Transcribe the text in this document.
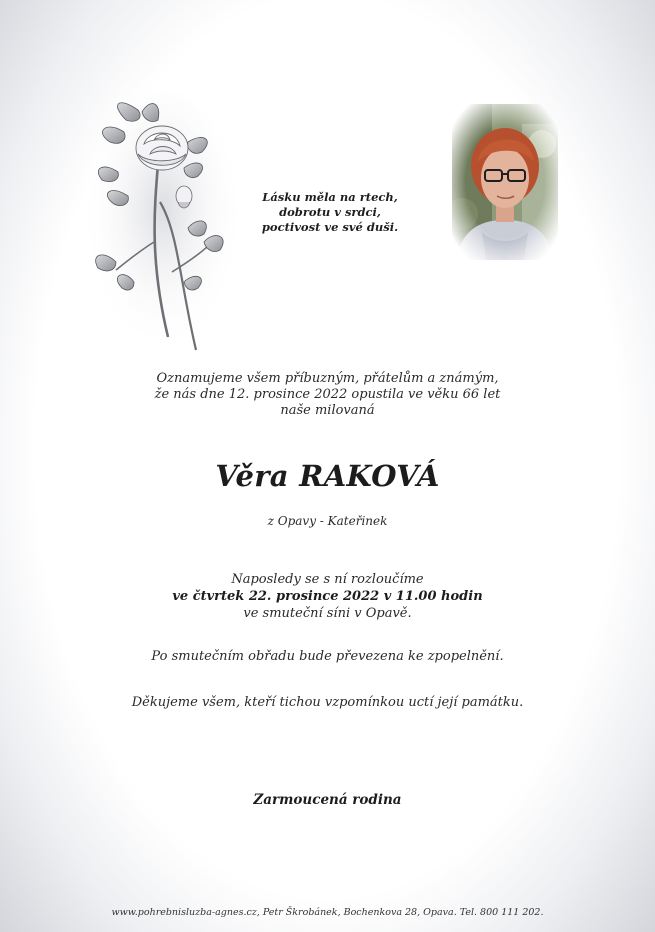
Lásku měla na rtech,
dobrotu v srdci,
poctivost ve své duši.
Oznamujeme všem příbuzným, přátelům a známým,
že nás dne 12. prosince 2022 opustila ve věku 66 let
naše milovaná
Věra RAKOVÁ
z Opavy - Kateřinek
Naposledy se s ní rozloučíme
ve čtvrtek 22. prosince 2022 v 11.00 hodin
ve smuteční síni v Opavě.
Po smutečním obřadu bude převezena ke zpopelnění.
Děkujeme všem, kteří tichou vzpomínkou uctí její památku.
Zarmoucená rodina
www.pohrebnisluzba-agnes.cz, Petr Škrobánek, Bochenkova 28, Opava. Tel. 800 111 202.
